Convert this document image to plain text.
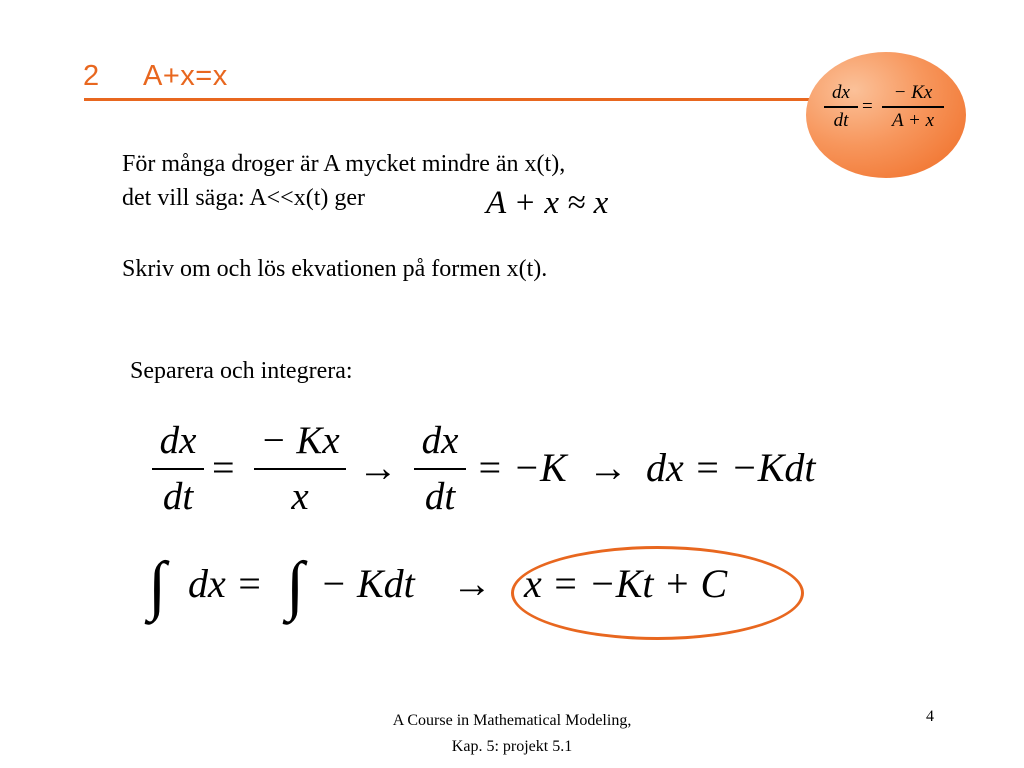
2 A+x=x
dx
dt
=
− Kx
A + x
För många droger är A mycket mindre än x(t),
det vill säga: A<<x(t) ger	A + x ≈ x
Skriv om och lös ekvationen på formen x(t).
Separera och integrera:
dx
dt
=
− Kx
x
→
dx
dt
= −K → dx = −Kdt
∫ dx = ∫ − Kdt → x = −Kt + C
A Course in Mathematical Modeling,
Kap. 5: projekt 5.1
4
